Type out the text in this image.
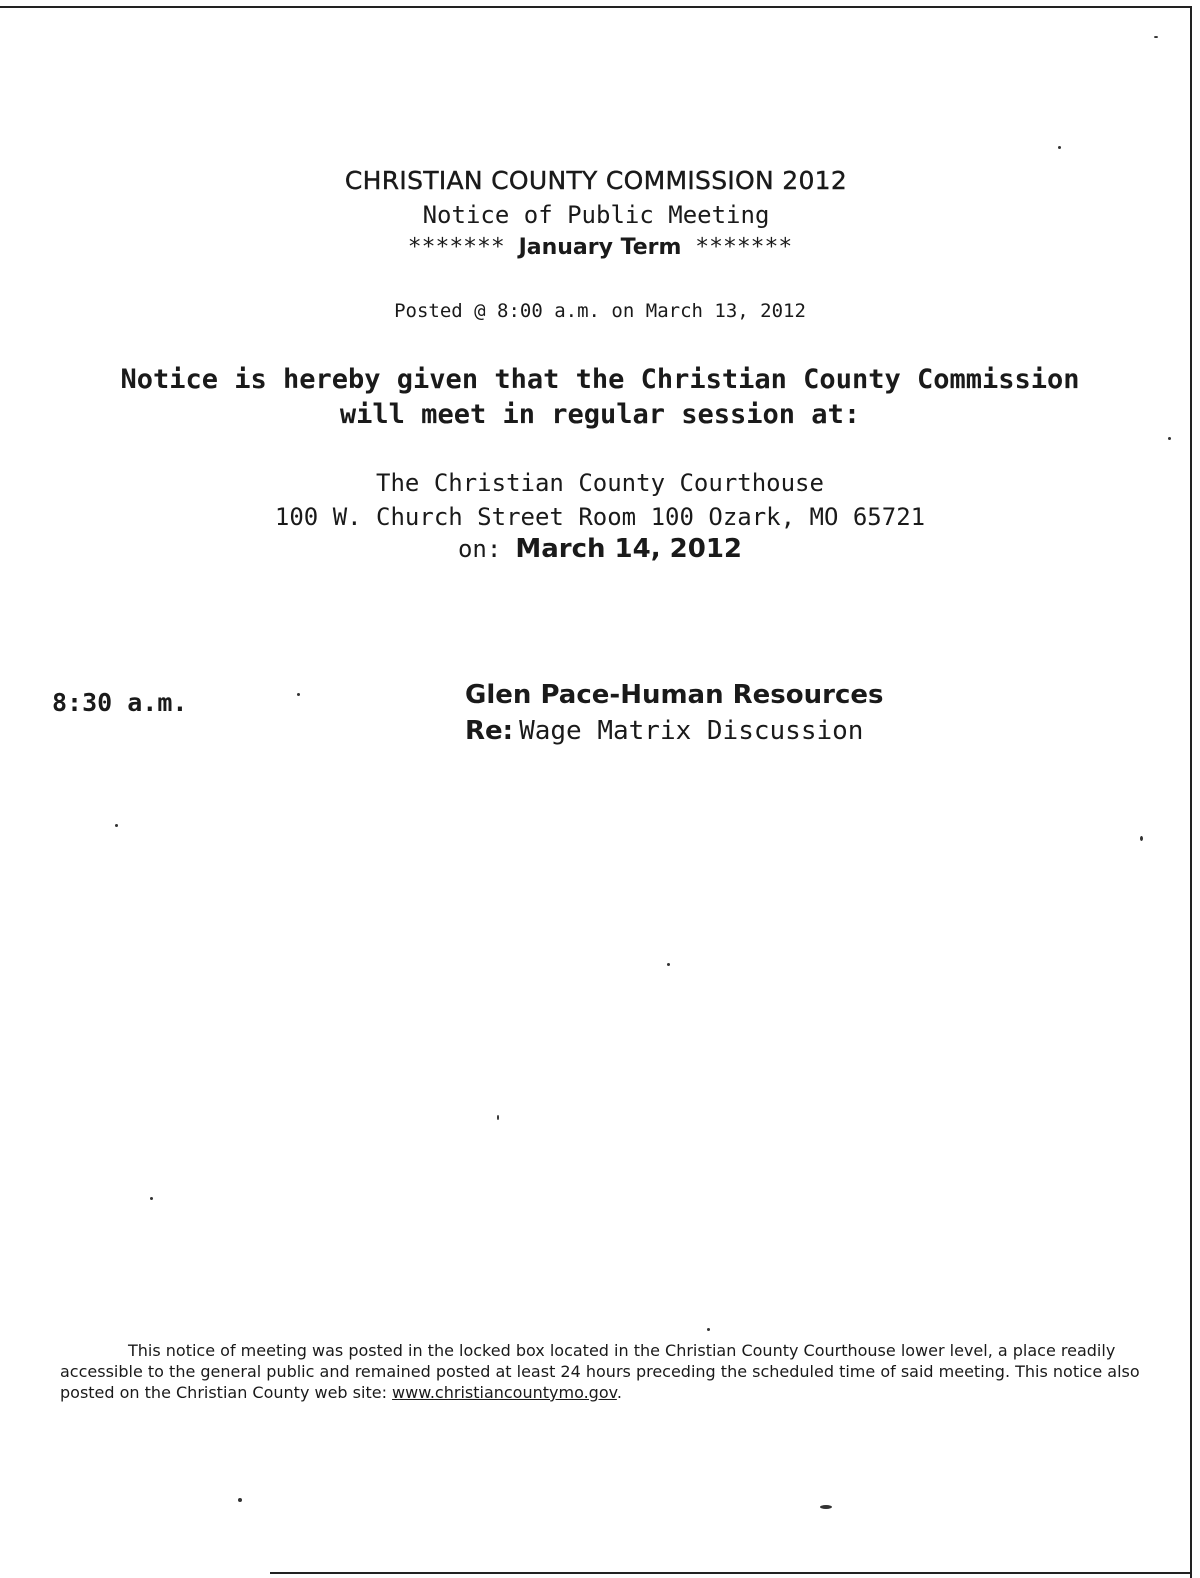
CHRISTIAN COUNTY COMMISSION 2012

Notice of Public Meeting

******* January Term *******

Posted @ 8:00 a.m. on March 13, 2012

Notice is hereby given that the Christian County Commission

will meet in regular session at:

The Christian County Courthouse

100 W. Church Street Room 100 Ozark, MO 65721

on: March 14, 2012

8:30 a.m.	Glen Pace-Human Resources

Re: Wage Matrix Discussion

This notice of meeting was posted in the locked box located in the Christian County Courthouse lower level, a place readily accessible to the general public and remained posted at least 24 hours preceding the scheduled time of said meeting. This notice also posted on the Christian County web site: www.christiancountymo.gov.
